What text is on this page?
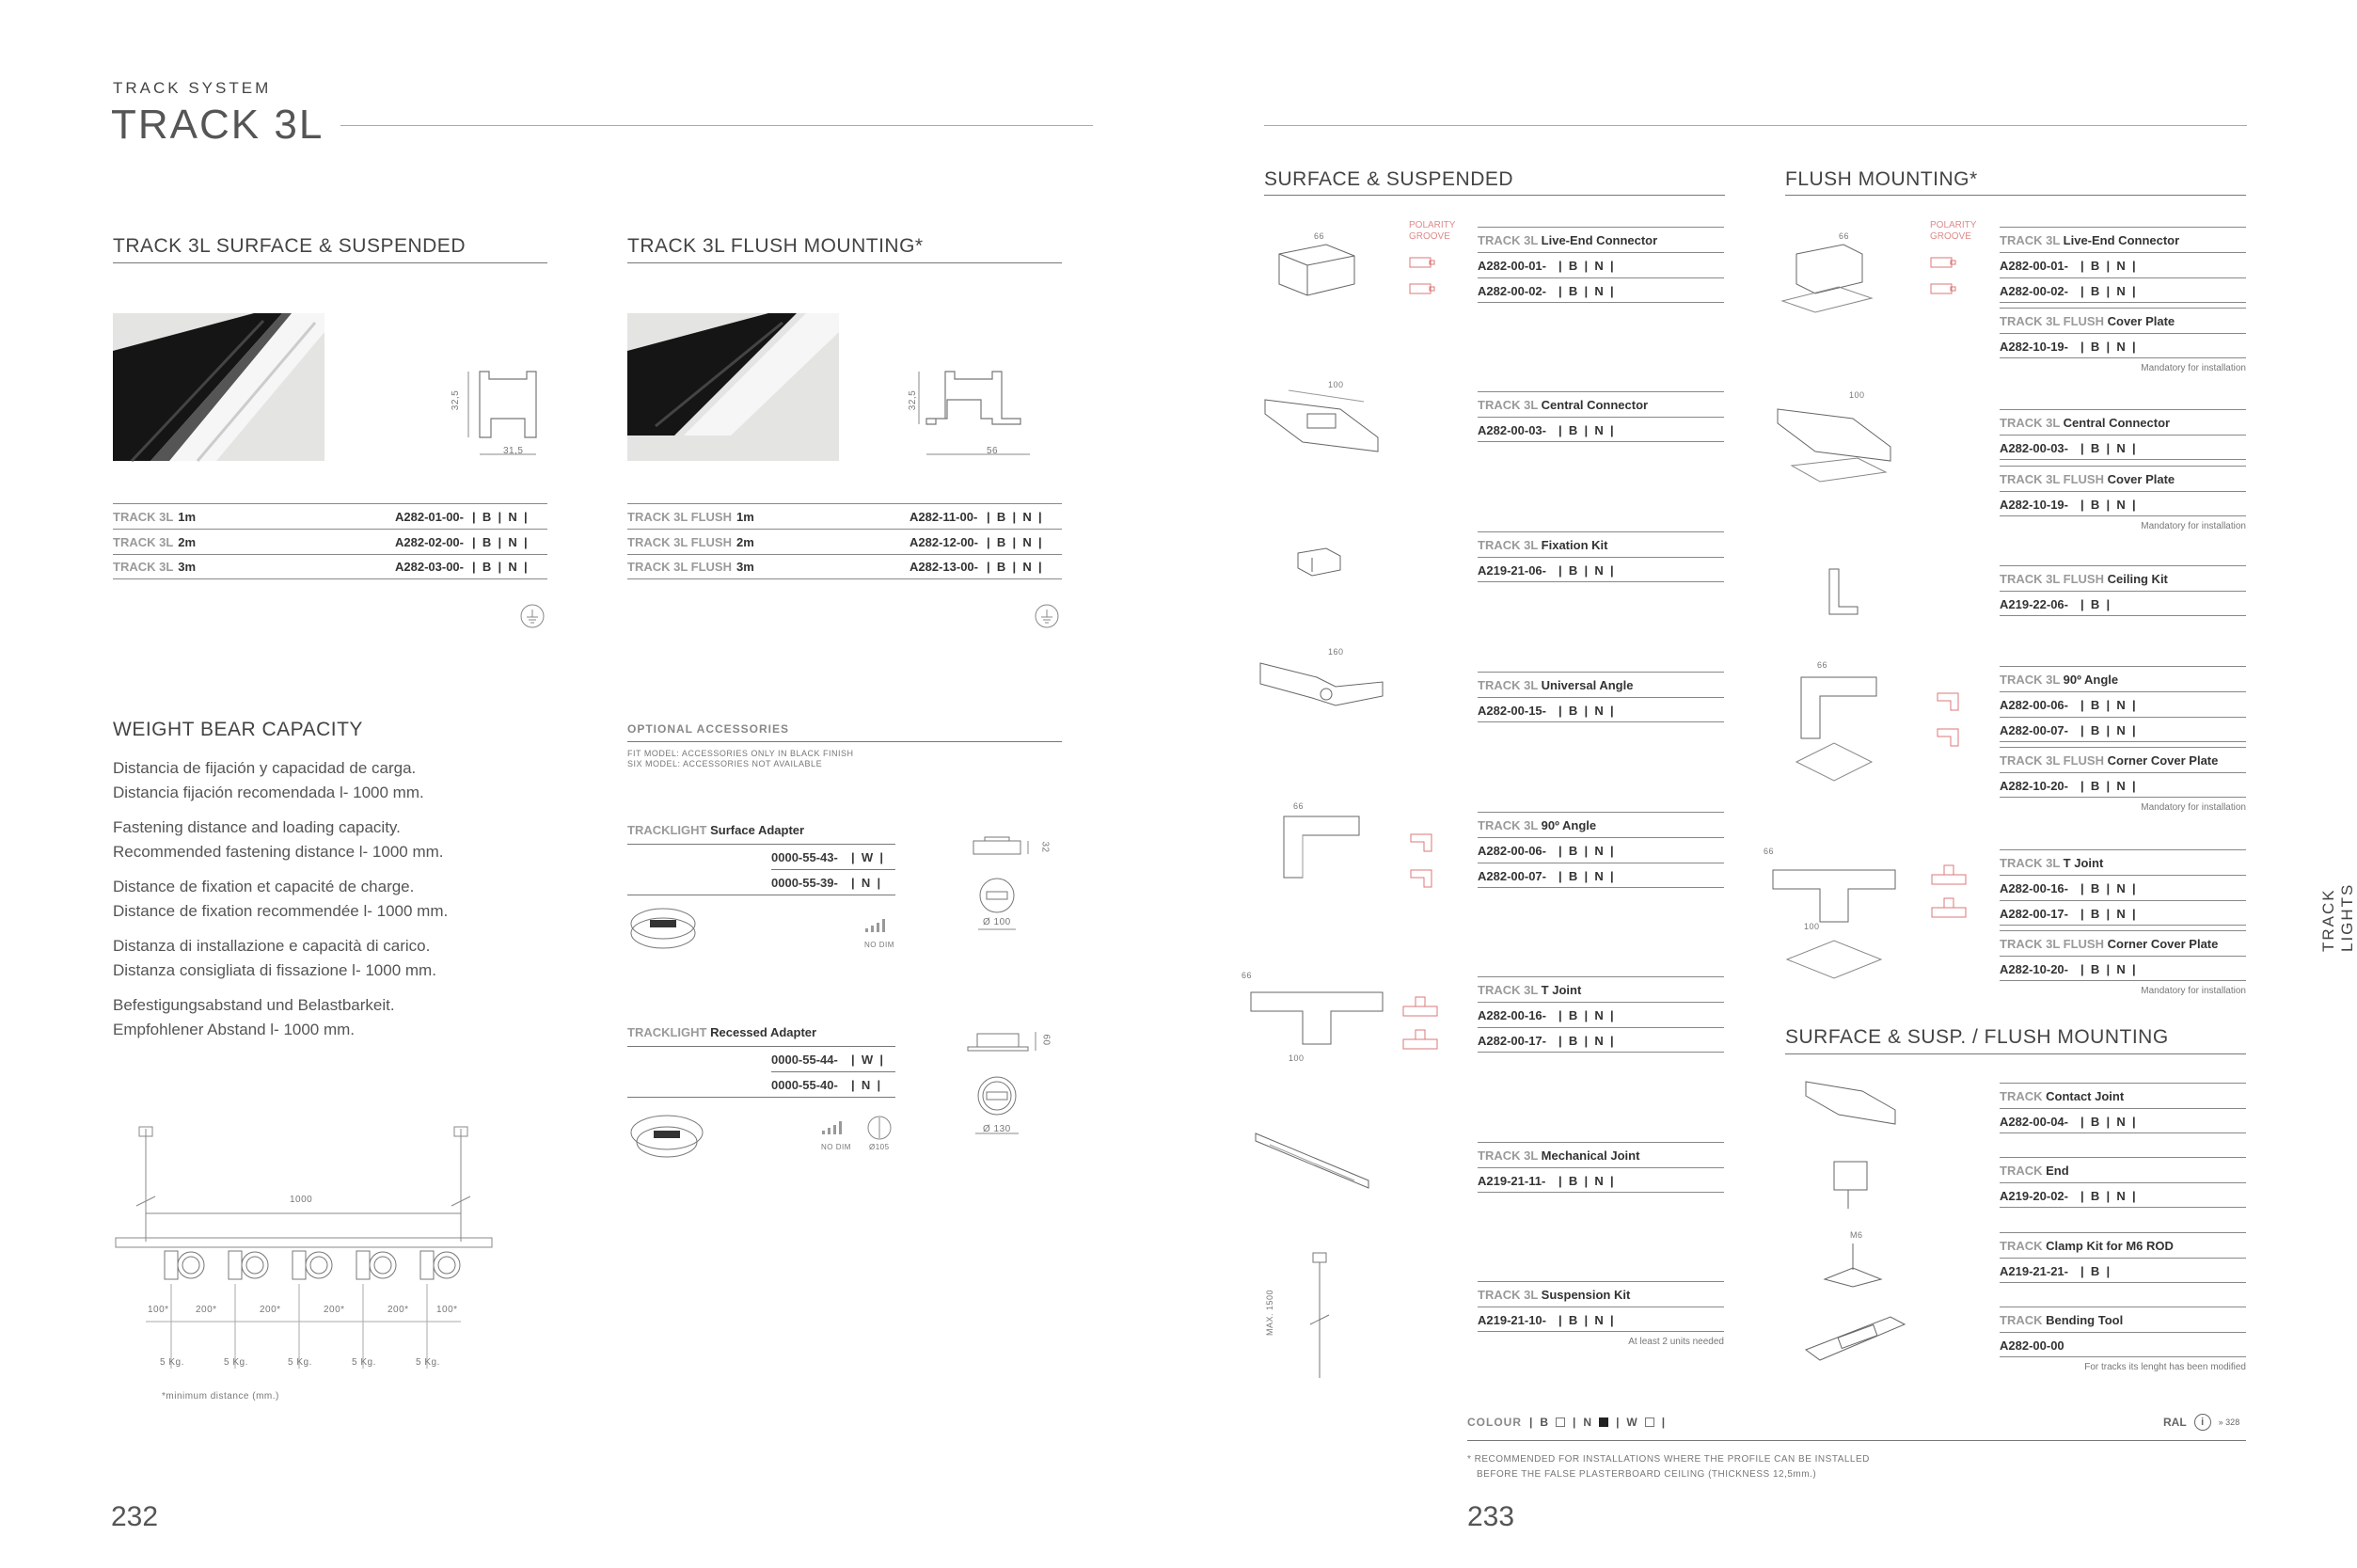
TRACK SYSTEM
TRACK 3L
TRACK 3L SURFACE & SUSPENDED
32,5
31,5
TRACK 3L 1m	A282-01-00- |  B  |  N  |
TRACK 3L 2m	A282-02-00- |  B  |  N  |
TRACK 3L 3m	A282-03-00- |  B  |  N  |
TRACK 3L FLUSH MOUNTING*
32,5
56
TRACK 3L FLUSH 1m	A282-11-00- |  B  |  N  |
TRACK 3L FLUSH 2m	A282-12-00- |  B  |  N  |
TRACK 3L FLUSH 3m	A282-13-00- |  B  |  N  |
WEIGHT BEAR CAPACITY
Distancia de fijación y capacidad de carga.
Distancia fijación recomendada l- 1000 mm.
Fastening distance and loading capacity.
Recommended fastening distance l- 1000 mm.
Distance de fixation et capacité de charge.
Distance de fixation recommendée l- 1000 mm.
Distanza di installazione e capacità di carico.
Distanza consigliata di fissazione l- 1000 mm.
Befestigungsabstand und Belastbarkeit.
Empfohlener Abstand l- 1000 mm.
1000
100*	200*	200*	200*	200*	100*
5 Kg.	5 Kg.	5 Kg.	5 Kg.	5 Kg.
*minimum distance (mm.)
OPTIONAL ACCESSORIES
FIT MODEL: ACCESSORIES ONLY IN BLACK FINISH
SIX MODEL: ACCESSORIES NOT AVAILABLE
TRACKLIGHT Surface Adapter
0000-55-43- |  W  |
0000-55-39- |  N  |
NO DIM
32
Ø 100
TRACKLIGHT Recessed Adapter
0000-55-44- |  W  |
0000-55-40- |  N  |
NO DIM Ø105
60
Ø 130
232
SURFACE & SUSPENDED	FLUSH MOUNTING*
POLARITY
GROOVE
POLARITY
GROOVE
66
100
160
66
66
100
MAX. 1500
66
100
66
66
100
SURFACE & SUSP. / FLUSH MOUNTING
M6
TRACK 3L Live-End Connector
A282-00-01- |  B  |  N  |
A282-00-02- |  B  |  N  |
TRACK 3L Central Connector
A282-00-03- |  B  |  N  |
TRACK 3L Fixation Kit
A219-21-06- |  B  |  N  |
TRACK 3L Universal Angle
A282-00-15- |  B  |  N  |
TRACK 3L 90º Angle
A282-00-06- |  B  |  N  |
A282-00-07- |  B  |  N  |
TRACK 3L T Joint
A282-00-16- |  B  |  N  |
A282-00-17- |  B  |  N  |
TRACK 3L Mechanical Joint
A219-21-11- |  B  |  N  |
TRACK 3L Suspension Kit
A219-21-10- |  B  |  N  |
At least 2 units needed
TRACK 3L Live-End Connector
A282-00-01- |  B  |  N  |
A282-00-02- |  B  |  N  |
TRACK 3L FLUSH Cover Plate
A282-10-19- |  B  |  N  |
Mandatory for installation
TRACK 3L Central Connector
A282-00-03- |  B  |  N  |
TRACK 3L FLUSH Cover Plate
A282-10-19- |  B  |  N  |
Mandatory for installation
TRACK 3L FLUSH Ceiling Kit
A219-22-06- |  B  |
TRACK 3L 90º Angle
A282-00-06- |  B  |  N  |
A282-00-07- |  B  |  N  |
TRACK 3L FLUSH Corner Cover Plate
A282-10-20- |  B  |  N  |
Mandatory for installation
TRACK 3L T Joint
A282-00-16- |  B  |  N  |
A282-00-17- |  B  |  N  |
TRACK 3L FLUSH Corner Cover Plate
A282-10-20- |  B  |  N  |
Mandatory for installation
TRACK Contact Joint
A282-00-04- |  B  |  N  |
TRACK End
A219-20-02- |  B  |  N  |
TRACK Clamp Kit for M6 ROD
A219-21-21- |  B  |
TRACK Bending Tool
A282-00-00
For tracks its lenght has been modified
COLOUR | B | N | W |	RAL	i	» 328
* RECOMMENDED FOR INSTALLATIONS WHERE THE PROFILE CAN BE INSTALLED
BEFORE THE FALSE PLASTERBOARD CEILING (THICKNESS 12,5mm.)
TRACK LIGHTS
233
